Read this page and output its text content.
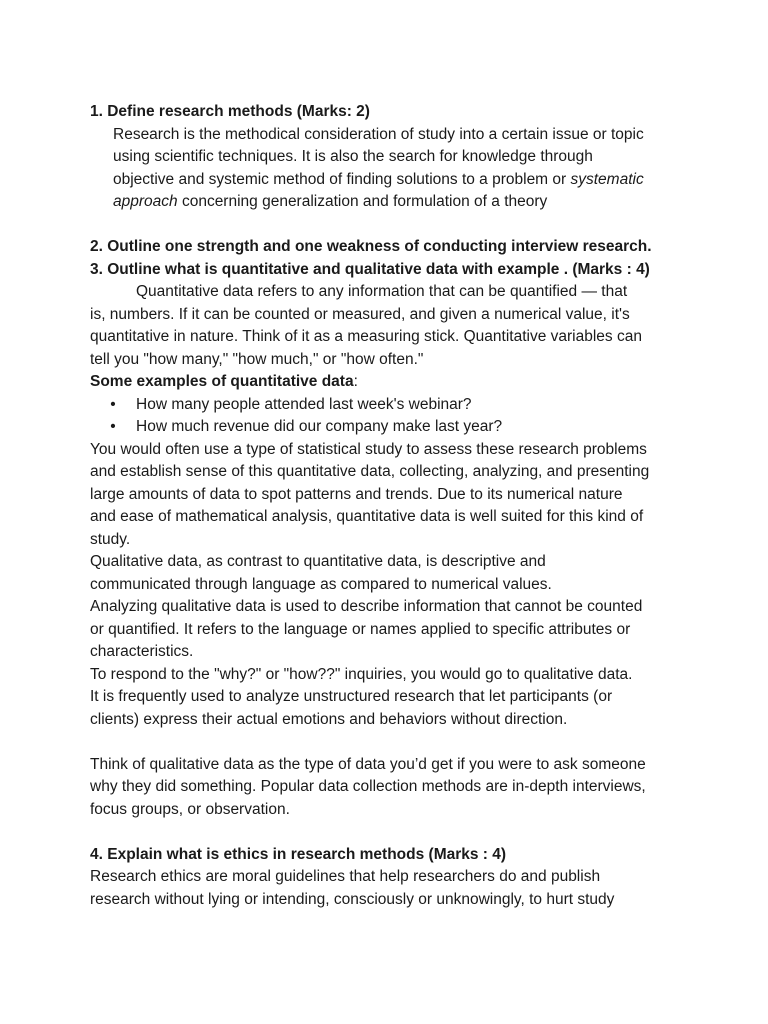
1. Define research methods (Marks: 2)
Research is the methodical consideration of study into a certain issue or topic
using scientific techniques. It is also the search for knowledge through
objective and systemic method of finding solutions to a problem or systematic
approach concerning generalization and formulation of a theory
2. Outline one strength and one weakness of conducting interview research.
3. Outline what is quantitative and qualitative data with example . (Marks : 4)
Quantitative data refers to any information that can be quantified — that
is, numbers. If it can be counted or measured, and given a numerical value, it's
quantitative in nature. Think of it as a measuring stick. Quantitative variables can
tell you "how many," "how much," or "how often."
Some examples of quantitative data:
•	How many people attended last week's webinar?
•	How much revenue did our company make last year?
You would often use a type of statistical study to assess these research problems
and establish sense of this quantitative data, collecting, analyzing, and presenting
large amounts of data to spot patterns and trends. Due to its numerical nature
and ease of mathematical analysis, quantitative data is well suited for this kind of
study.
Qualitative data, as contrast to quantitative data, is descriptive and
communicated through language as compared to numerical values.
Analyzing qualitative data is used to describe information that cannot be counted
or quantified. It refers to the language or names applied to specific attributes or
characteristics.
To respond to the "why?" or "how??" inquiries, you would go to qualitative data.
It is frequently used to analyze unstructured research that let participants (or
clients) express their actual emotions and behaviors without direction.
Think of qualitative data as the type of data you’d get if you were to ask someone
why they did something. Popular data collection methods are in-depth interviews,
focus groups, or observation.
4. Explain what is ethics in research methods (Marks : 4)
Research ethics are moral guidelines that help researchers do and publish
research without lying or intending, consciously or unknowingly, to hurt study
